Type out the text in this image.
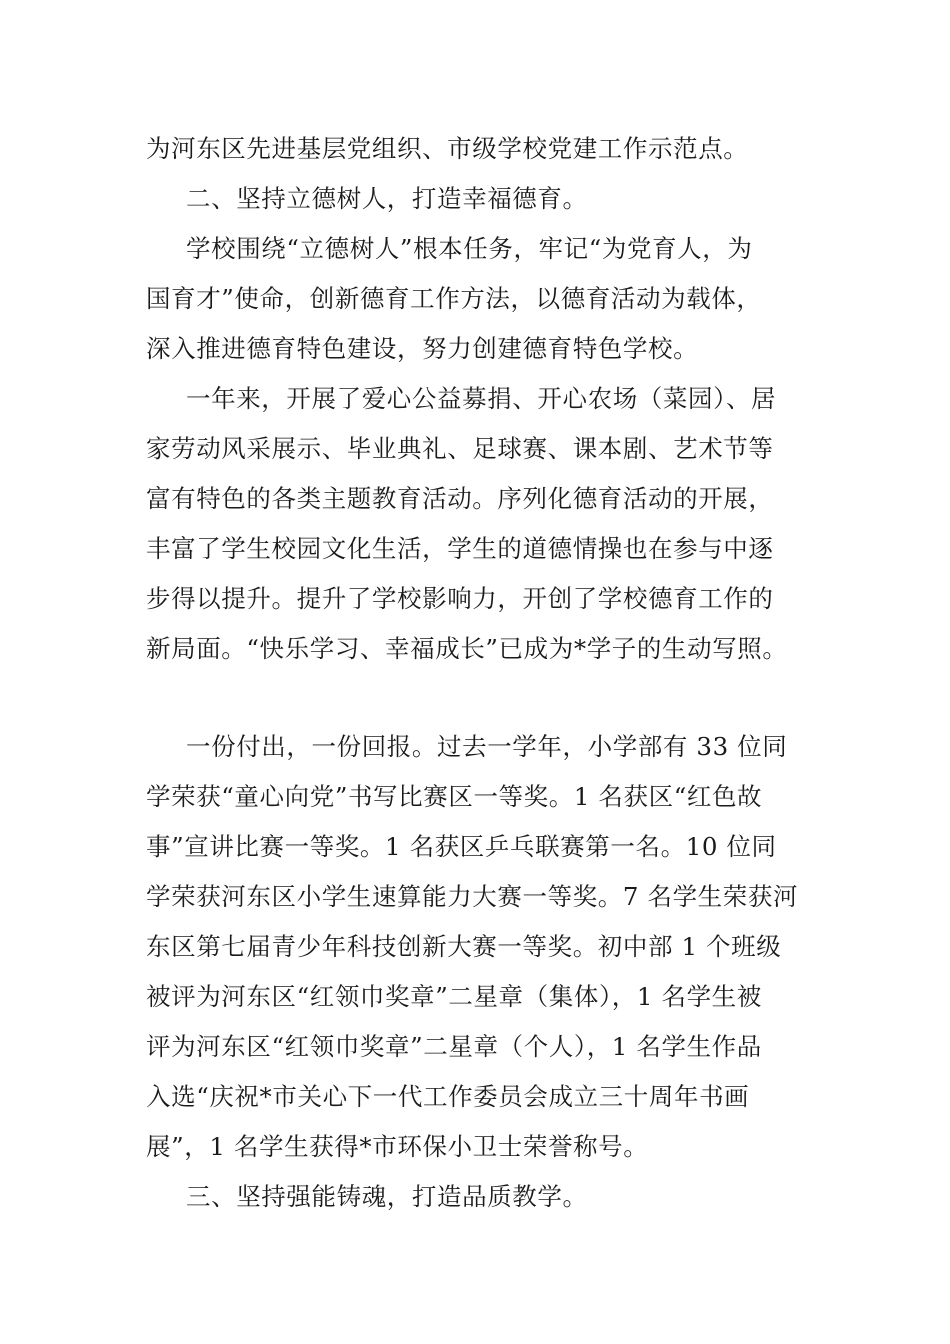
为河东区先进基层党组织、市级学校党建工作示范点。

二、坚持立德树人，打造幸福德育。

学校围绕“立德树人”根本任务，牢记“为党育人，为

国育才”使命，创新德育工作方法，以德育活动为载体，

深入推进德育特色建设，努力创建德育特色学校。

一年来，开展了爱心公益募捐、开心农场（菜园）、居

家劳动风采展示、毕业典礼、足球赛、课本剧、艺术节等

富有特色的各类主题教育活动。序列化德育活动的开展，

丰富了学生校园文化生活，学生的道德情操也在参与中逐

步得以提升。提升了学校影响力，开创了学校德育工作的

新局面。“快乐学习、幸福成长”已成为*学子的生动写照。

一份付出，一份回报。过去一学年，小学部有 33 位同

学荣获“童心向党”书写比赛区一等奖。1 名获区“红色故

事”宣讲比赛一等奖。1 名获区乒乓联赛第一名。10 位同

学荣获河东区小学生速算能力大赛一等奖。7 名学生荣获河

东区第七届青少年科技创新大赛一等奖。初中部 1 个班级

被评为河东区“红领巾奖章”二星章（集体），1 名学生被

评为河东区“红领巾奖章”二星章（个人），1 名学生作品

入选“庆祝*市关心下一代工作委员会成立三十周年书画

展”，1 名学生获得*市环保小卫士荣誉称号。

三、坚持强能铸魂，打造品质教学。
